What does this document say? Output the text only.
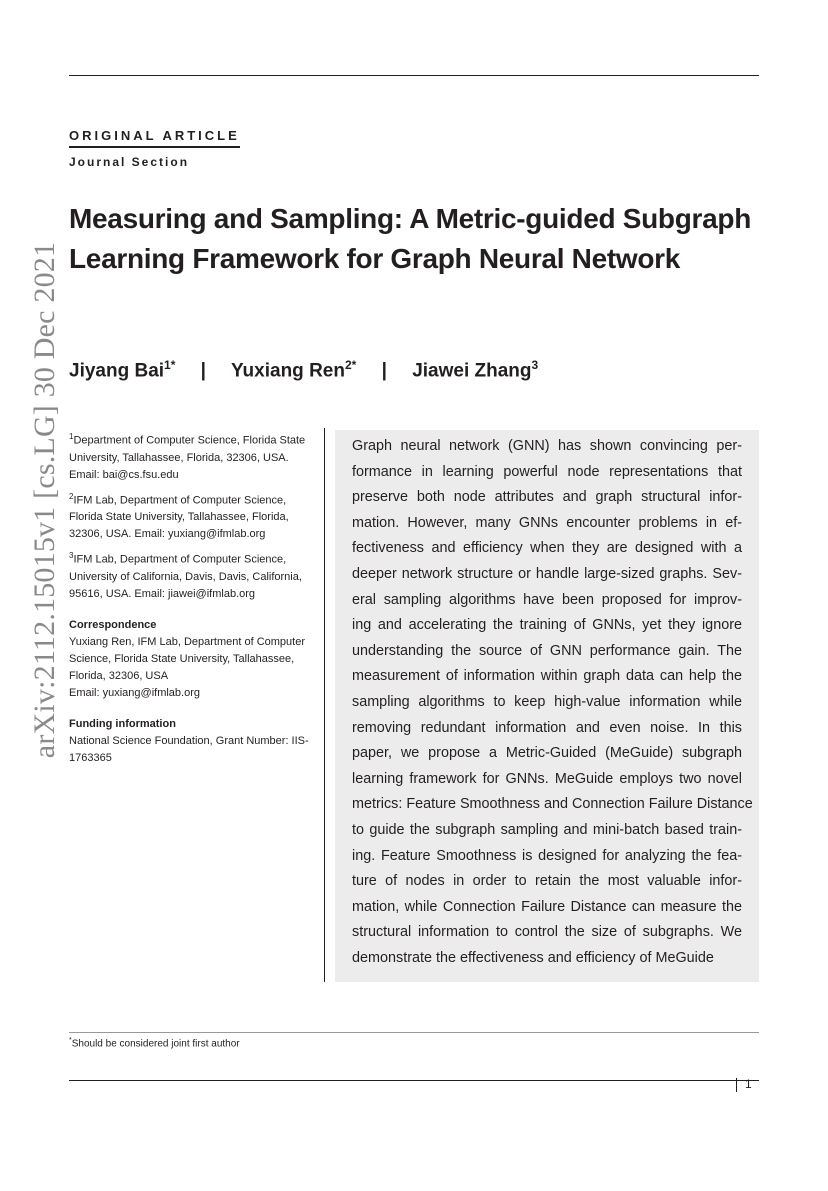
arXiv:2112.15015v1 [cs.LG] 30 Dec 2021
ORIGINAL ARTICLE
Journal Section
Measuring and Sampling: A Metric-guided Subgraph Learning Framework for Graph Neural Network
Jiyang Bai$^{1*}$ | Yuxiang Ren$^{2*}$ | Jiawei Zhang$^3$

$^1$Department of Computer Science, Florida State University, Tallahassee, Florida, 32306, USA. Email: bai@cs.fsu.edu

$^2$IFM Lab, Department of Computer Science, Florida State University, Tallahassee, Florida, 32306, USA. Email: yuxiang@ifmlab.org

$^3$IFM Lab, Department of Computer Science, University of California, Davis, Davis, California, 95616, USA. Email: jiawei@ifmlab.org

Correspondence

Yuxiang Ren, IFM Lab, Department of Computer Science, Florida State University, Tallahassee, Florida, 32306, USA

Email: yuxiang@ifmlab.org

Funding information

National Science Foundation, Grant Number: IIS-1763365

Graph neural network (GNN) has shown convincing per-
formance in learning powerful node representations that
preserve both node attributes and graph structural infor-
mation. However, many GNNs encounter problems in ef-
fectiveness and efficiency when they are designed with a
deeper network structure or handle large-sized graphs. Sev-
eral sampling algorithms have been proposed for improv-
ing and accelerating the training of GNNs, yet they ignore
understanding the source of GNN performance gain. The
measurement of information within graph data can help the
sampling algorithms to keep high-value information while
removing redundant information and even noise. In this
paper, we propose a Metric-Guided (MeGuide) subgraph
learning framework for GNNs. MeGuide employs two novel
metrics: Feature Smoothness and Connection Failure Distance
to guide the subgraph sampling and mini-batch based train-
ing. Feature Smoothness is designed for analyzing the fea-
ture of nodes in order to retain the most valuable infor-
mation, while Connection Failure Distance can measure the
structural information to control the size of subgraphs. We
demonstrate the effectiveness and efficiency of MeGuide
*Should be considered joint first author
1
